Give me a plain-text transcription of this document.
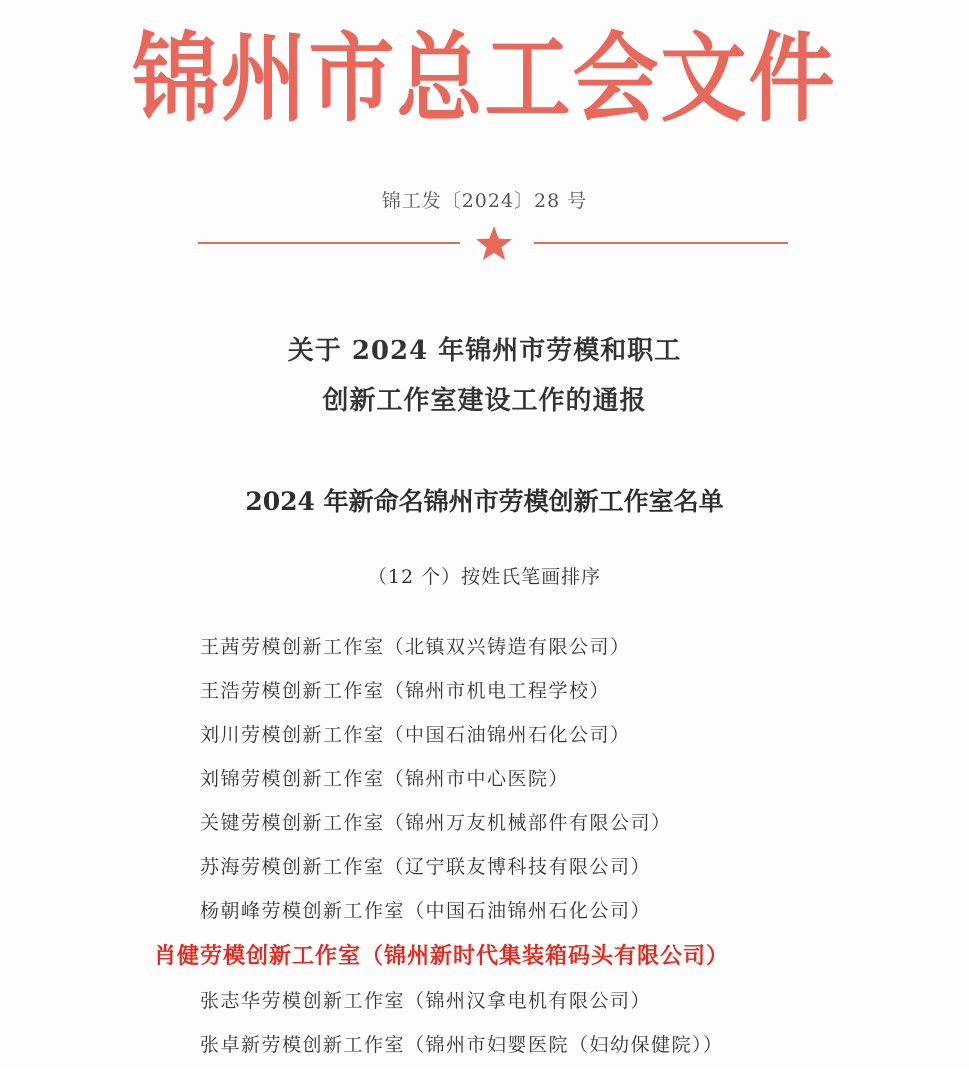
锦州市总工会文件
锦工发〔2024〕28 号
关于 2024 年锦州市劳模和职工
创新工作室建设工作的通报
2024 年新命名锦州市劳模创新工作室名单
（12 个）按姓氏笔画排序
王茜劳模创新工作室（北镇双兴铸造有限公司）
王浩劳模创新工作室（锦州市机电工程学校）
刘川劳模创新工作室（中国石油锦州石化公司）
刘锦劳模创新工作室（锦州市中心医院）
关键劳模创新工作室（锦州万友机械部件有限公司）
苏海劳模创新工作室（辽宁联友博科技有限公司）
杨朝峰劳模创新工作室（中国石油锦州石化公司）
肖健劳模创新工作室（锦州新时代集装箱码头有限公司）
张志华劳模创新工作室（锦州汉拿电机有限公司）
张卓新劳模创新工作室（锦州市妇婴医院（妇幼保健院））
